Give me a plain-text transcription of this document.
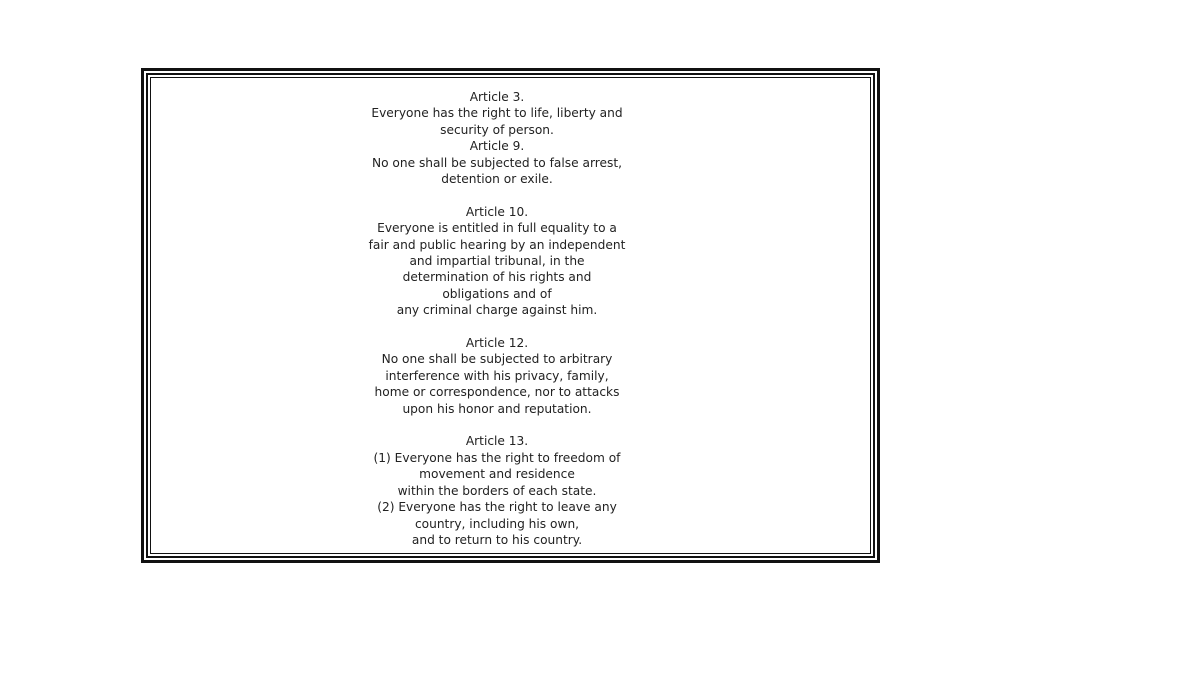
Article 3.
Everyone has the right to life, liberty and
security of person.
Article 9.
No one shall be subjected to false arrest,
detention or exile.
Article 10.
Everyone is entitled in full equality to a
fair and public hearing by an independent
and impartial tribunal, in the
determination of his rights and
obligations and of
any criminal charge against him.
Article 12.
No one shall be subjected to arbitrary
interference with his privacy, family,
home or correspondence, nor to attacks
upon his honor and reputation.
Article 13.
(1) Everyone has the right to freedom of
movement and residence
within the borders of each state.
(2) Everyone has the right to leave any
country, including his own,
and to return to his country.
